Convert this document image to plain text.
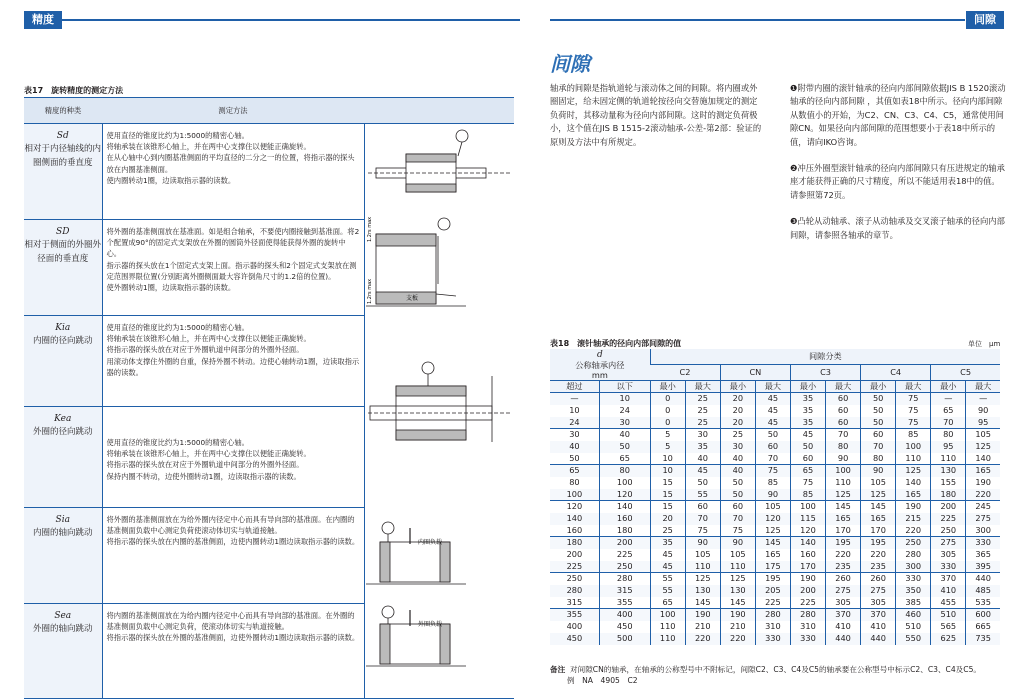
精度	间隙
间隙
轴承的间隙是指轨道轮与滚动体之间的间隙。将内圈或外圈固定，给未固定侧的轨道轮按径向交替施加规定的测定负荷时，其移动量称为径向内部间隙。这时的测定负荷极小，这个值在JIS B 1515-2滚动轴承-公差-第2部：验证的原则及方法中有所规定。

❶附带内圈的滚针轴承的径向内部间隙依据JIS B 1520滚动轴承的径向内部间隙 ，其值如表18中所示。径向内部间隙从数值小的开始，为C2、CN、C3、C4、C5，通常使用间隙CN。如果径向内部间隙的范围想要小于表18中所示的值，请向IKO咨询。

❷冲压外圈型滚针轴承的径向内部间隙只有压进规定的轴承座才能获得正确的尺寸精度，所以不能适用表18中的值。请参照第72页。

❸凸轮从动轴承、滚子从动轴承及交叉滚子轴承的径向内部间隙，请参照各轴承的章节。

表17　旋转精度的测定方法
精度的种类	测定方法	
Sd
相对于内径轴线的内圈侧面的垂直度	使用直径的锥度比约为1:5000的精密心轴。
将轴承装在该锥形心轴上，并在两中心支撑住以便能正确旋转。
在从心轴中心到内圈基准侧面的平均直径的二分之一的位置，将指示器的探头放在内圈基准侧面。
使内圈转动1圈，边读取指示器的读数。	
SD
相对于侧面的外圈外径面的垂直度	将外圈的基准侧面放在基准面。如是组合轴承，不要使内圈接触到基准面。将2个配置成90°的固定式支架放在外圈的圆筒外径面使得能获得外圈的旋转中心。
指示器的探头放在1个固定式支架上面。指示器的探头和2个固定式支架放在测定范围界限位置(分别距离外圈侧面最大容许倒角尺寸的1.2倍的位置)。
使外圈转动1圈，边读取指示器的读数。	
Kia
内圈的径向跳动	使用直径的锥度比约为1:5000的精密心轴。
将轴承装在该锥形心轴上，并在两中心支撑住以便能正确旋转。
将指示器的探头放在对应于外圈轨道中间部分的外圈外径面。
用滚动体支撑住外圈的自重，保持外圈不转动。边使心轴转动1圈，边读取指示器的读数。	
Kea
外圈的径向跳动	使用直径的锥度比约为1:5000的精密心轴。
将轴承装在该锥形心轴上，并在两中心支撑住以便能正确旋转。
将指示器的探头放在对应于外圈轨道中间部分的外圈外径面。
保持内圈不转动，边使外圈转动1圈，边读取指示器的读数。	
Sia
内圈的轴向跳动	将外圈的基准侧面放在为给外圈内径定中心而具有导向部的基准面。在内圈的基准侧面负载中心测定负荷使滚动体切实与轨道接触。
将指示器的探头放在内圈的基准侧面，边使内圈转动1圈边读取指示器的读数。	
Sea
外圈的轴向跳动	将内圈的基准侧面放在为给内圈内径定中心而具有导向部的基准面。在外圈的基准侧面负载中心测定负荷，使滚动体切实与轨道接触。
将指示器的探头放在外圈的基准侧面，边使外圈转动1圈边读取指示器的读数。	
1.2rs max
1.2rs max	支板
内圈负载
外圈负载
表18　滚针轴承的径向内部间隙的值	单位　µm
d
公称轴承内径
mm		间隙分类									
		C2		CN		C3		C4		C5	
超过	以下	最小	最大	最小	最大	最小	最大	最小	最大	最小	最大
—	10	0	25	20	45	35	60	50	75	—	—
10	24	0	25	20	45	35	60	50	75	65	90
24	30	0	25	20	45	35	60	50	75	70	95
30	40	5	30	25	50	45	70	60	85	80	105
40	50	5	35	30	60	50	80	70	100	95	125
50	65	10	40	40	70	60	90	80	110	110	140
65	80	10	45	40	75	65	100	90	125	130	165
80	100	15	50	50	85	75	110	105	140	155	190
100	120	15	55	50	90	85	125	125	165	180	220
120	140	15	60	60	105	100	145	145	190	200	245
140	160	20	70	70	120	115	165	165	215	225	275
160	180	25	75	75	125	120	170	170	220	250	300
180	200	35	90	90	145	140	195	195	250	275	330
200	225	45	105	105	165	160	220	220	280	305	365
225	250	45	110	110	175	170	235	235	300	330	395
250	280	55	125	125	195	190	260	260	330	370	440
280	315	55	130	130	205	200	275	275	350	410	485
315	355	65	145	145	225	225	305	305	385	455	535
355	400	100	190	190	280	280	370	370	460	510	600
400	450	110	210	210	310	310	410	410	510	565	665
450	500	110	220	220	330	330	440	440	550	625	735
备注 对间隙CN的轴承，在轴承的公称型号中不附标记，间隙C2、C3、C4及C5的轴承要在公称型号中标示C2、C3、C4及C5。
例　NA　4905　C2
